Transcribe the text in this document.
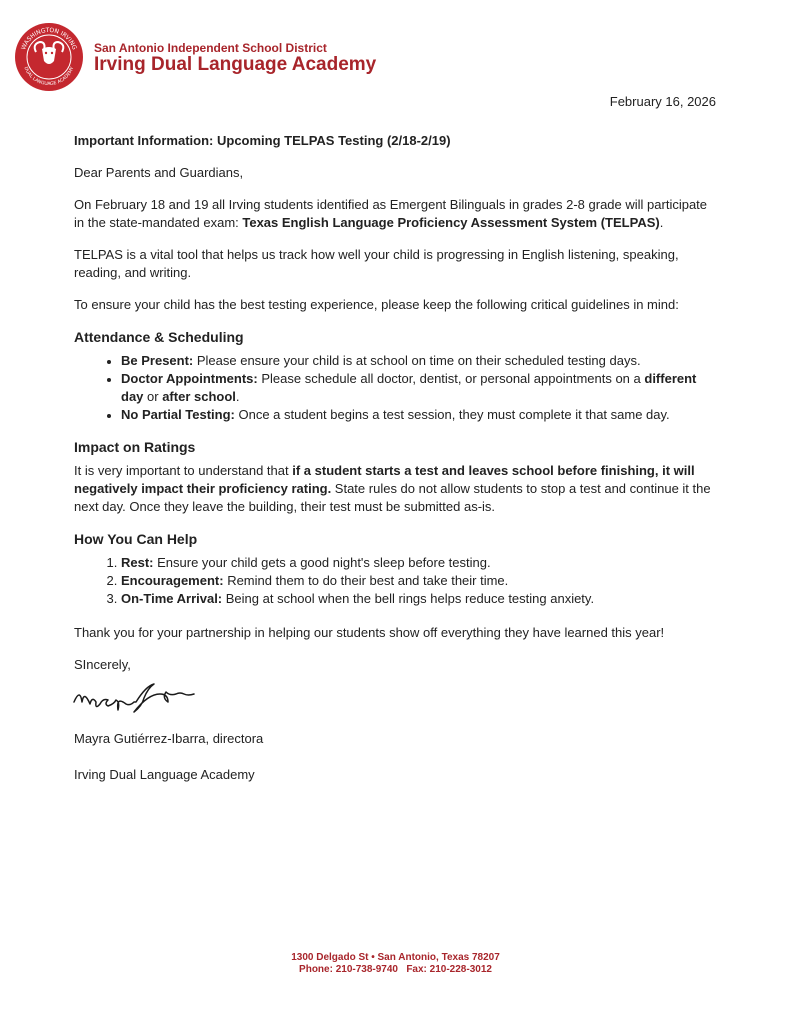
WASHINGTON IRVING
DUAL LANGUAGE ACADEMY
San Antonio Independent School District
Irving Dual Language Academy
February 16, 2026

Important Information: Upcoming TELPAS Testing (2/18-2/19)

Dear Parents and Guardians,

On February 18 and 19 all Irving students identified as Emergent Bilinguals in grades 2-8 grade will participate in the state-mandated exam: Texas English Language Proficiency Assessment System (TELPAS).

TELPAS is a vital tool that helps us track how well your child is progressing in English listening, speaking, reading, and writing.

To ensure your child has the best testing experience, please keep the following critical guidelines in mind:

Attendance & Scheduling
• Be Present: Please ensure your child is at school on time on their scheduled testing days.
• Doctor Appointments: Please schedule all doctor, dentist, or personal appointments on a different day or after school.
• No Partial Testing: Once a student begins a test session, they must complete it that same day.
Impact on Ratings

It is very important to understand that if a student starts a test and leaves school before finishing, it will negatively impact their proficiency rating. State rules do not allow students to stop a test and continue it the next day. Once they leave the building, their test must be submitted as-is.

How You Can Help
1. Rest: Ensure your child gets a good night's sleep before testing.
2. Encouragement: Remind them to do their best and take their time.
3. On-Time Arrival: Being at school when the bell rings helps reduce testing anxiety.

Thank you for your partnership in helping our students show off everything they have learned this year!

SIncerely,

Mayra Gutiérrez-Ibarra, directora

Irving Dual Language Academy

1300 Delgado St • San Antonio, Texas 78207
Phone: 210-738-9740   Fax: 210-228-3012
